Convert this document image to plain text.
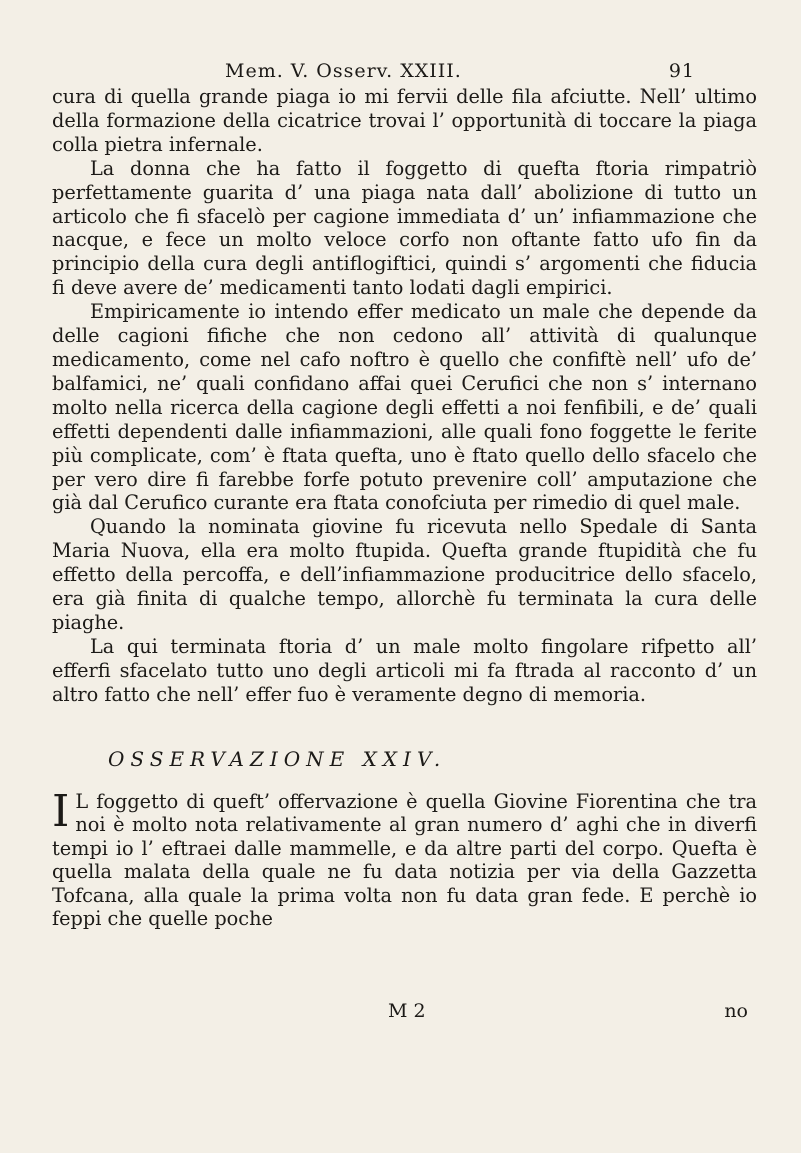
Mem. V. Osserv. XXIII.	91

cura di quella grande piaga io mi fervii delle fila afciutte. Nell’ ultimo della formazione della cicatrice trovai l’ opportunità di toccare la piaga colla pietra infernale.

La donna che ha fatto il foggetto di quefta ftoria rimpatriò perfettamente guarita d’ una piaga nata dall’ abolizione di tutto un articolo che fi sfacelò per cagione immediata d’ un’ infiammazione che nacque, e fece un molto veloce corfo non oftante fatto ufo fin da principio della cura degli antiflogiftici, quindi s’ argomenti che fiducia fi deve avere de’ medicamenti tanto lodati dagli empirici.

Empiricamente io intendo effer medicato un male che depende da delle cagioni fifiche che non cedono all’ attività di qualunque medicamento, come nel cafo noftro è quello che confiftè nell’ ufo de’ balfamici, ne’ quali confidano affai quei Cerufici che non s’ internano molto nella ricerca della cagione degli effetti a noi fenfibili, e de’ quali effetti dependenti dalle infiammazioni, alle quali fono foggette le ferite più complicate, com’ è ftata quefta, uno è ftato quello dello sfacelo che per vero dire fi farebbe forfe potuto prevenire coll’ amputazione che già dal Cerufico curante era ftata conofciuta per rimedio di quel male.

Quando la nominata giovine fu ricevuta nello Spedale di Santa Maria Nuova, ella era molto ftupida. Quefta grande ftupidità che fu effetto della percoffa, e dell’infiammazione producitrice dello sfacelo, era già finita di qualche tempo, allorchè fu terminata la cura delle piaghe.

La qui terminata ftoria d’ un male molto fingolare rifpetto all’ efferfi sfacelato tutto uno degli articoli mi fa ftrada al racconto d’ un altro fatto che nell’ effer fuo è veramente degno di memoria.

OSSERVAZIONE XXIV.
I L foggetto di queft’ offervazione è quella Giovine Fiorentina che tra noi è molto nota relativamente al gran numero d’ aghi che in diverfi tempi io l’ eftraei dalle mammelle, e da altre parti del corpo. Quefta è quella malata della quale ne fu data notizia per via della Gazzetta Tofcana, alla quale la prima volta non fu data gran fede. E perchè io feppi che quelle poche
M 2	no
